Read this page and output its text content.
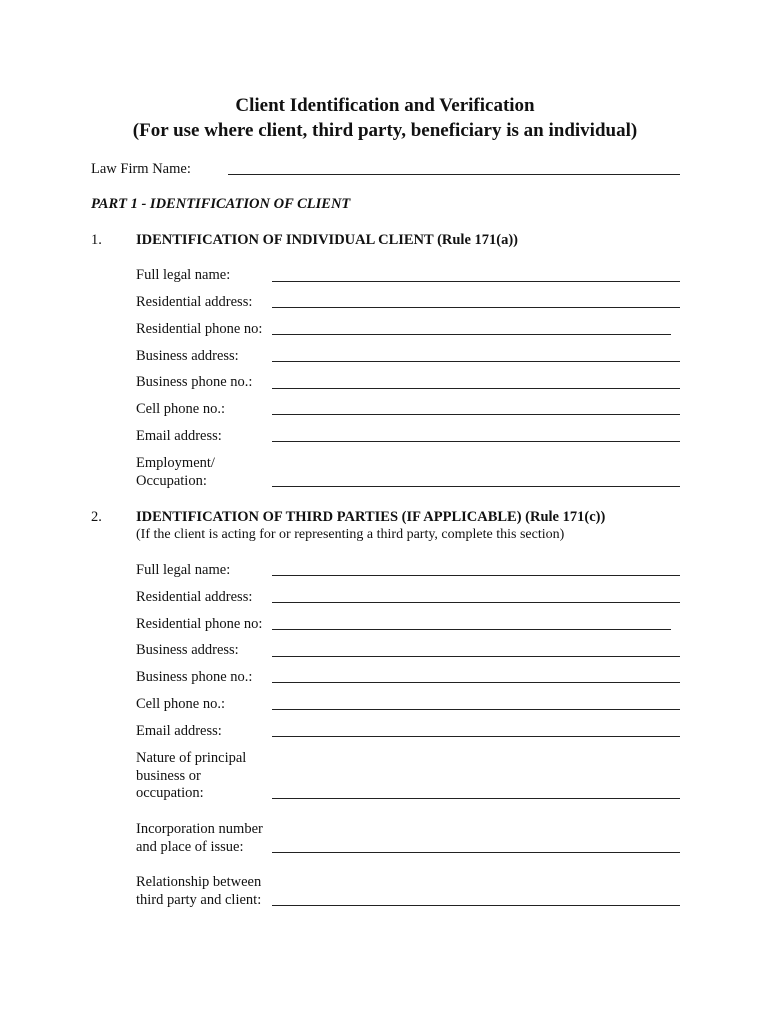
Client Identification and Verification
(For use where client, third party, beneficiary is an individual)

Law Firm Name:

PART 1 - IDENTIFICATION OF CLIENT

1. IDENTIFICATION OF INDIVIDUAL CLIENT (Rule 171(a))

Full legal name:

Residential address:

Residential phone no:

Business address:

Business phone no.:

Cell phone no.:

Email address:

Employment/

Occupation:

2. IDENTIFICATION OF THIRD PARTIES (IF APPLICABLE) (Rule 171(c))

(If the client is acting for or representing a third party, complete this section)

Full legal name:

Residential address:

Residential phone no:

Business address:

Business phone no.:

Cell phone no.:

Email address:

Nature of principal

business or

occupation:

Incorporation number

and place of issue:

Relationship between

third party and client:
